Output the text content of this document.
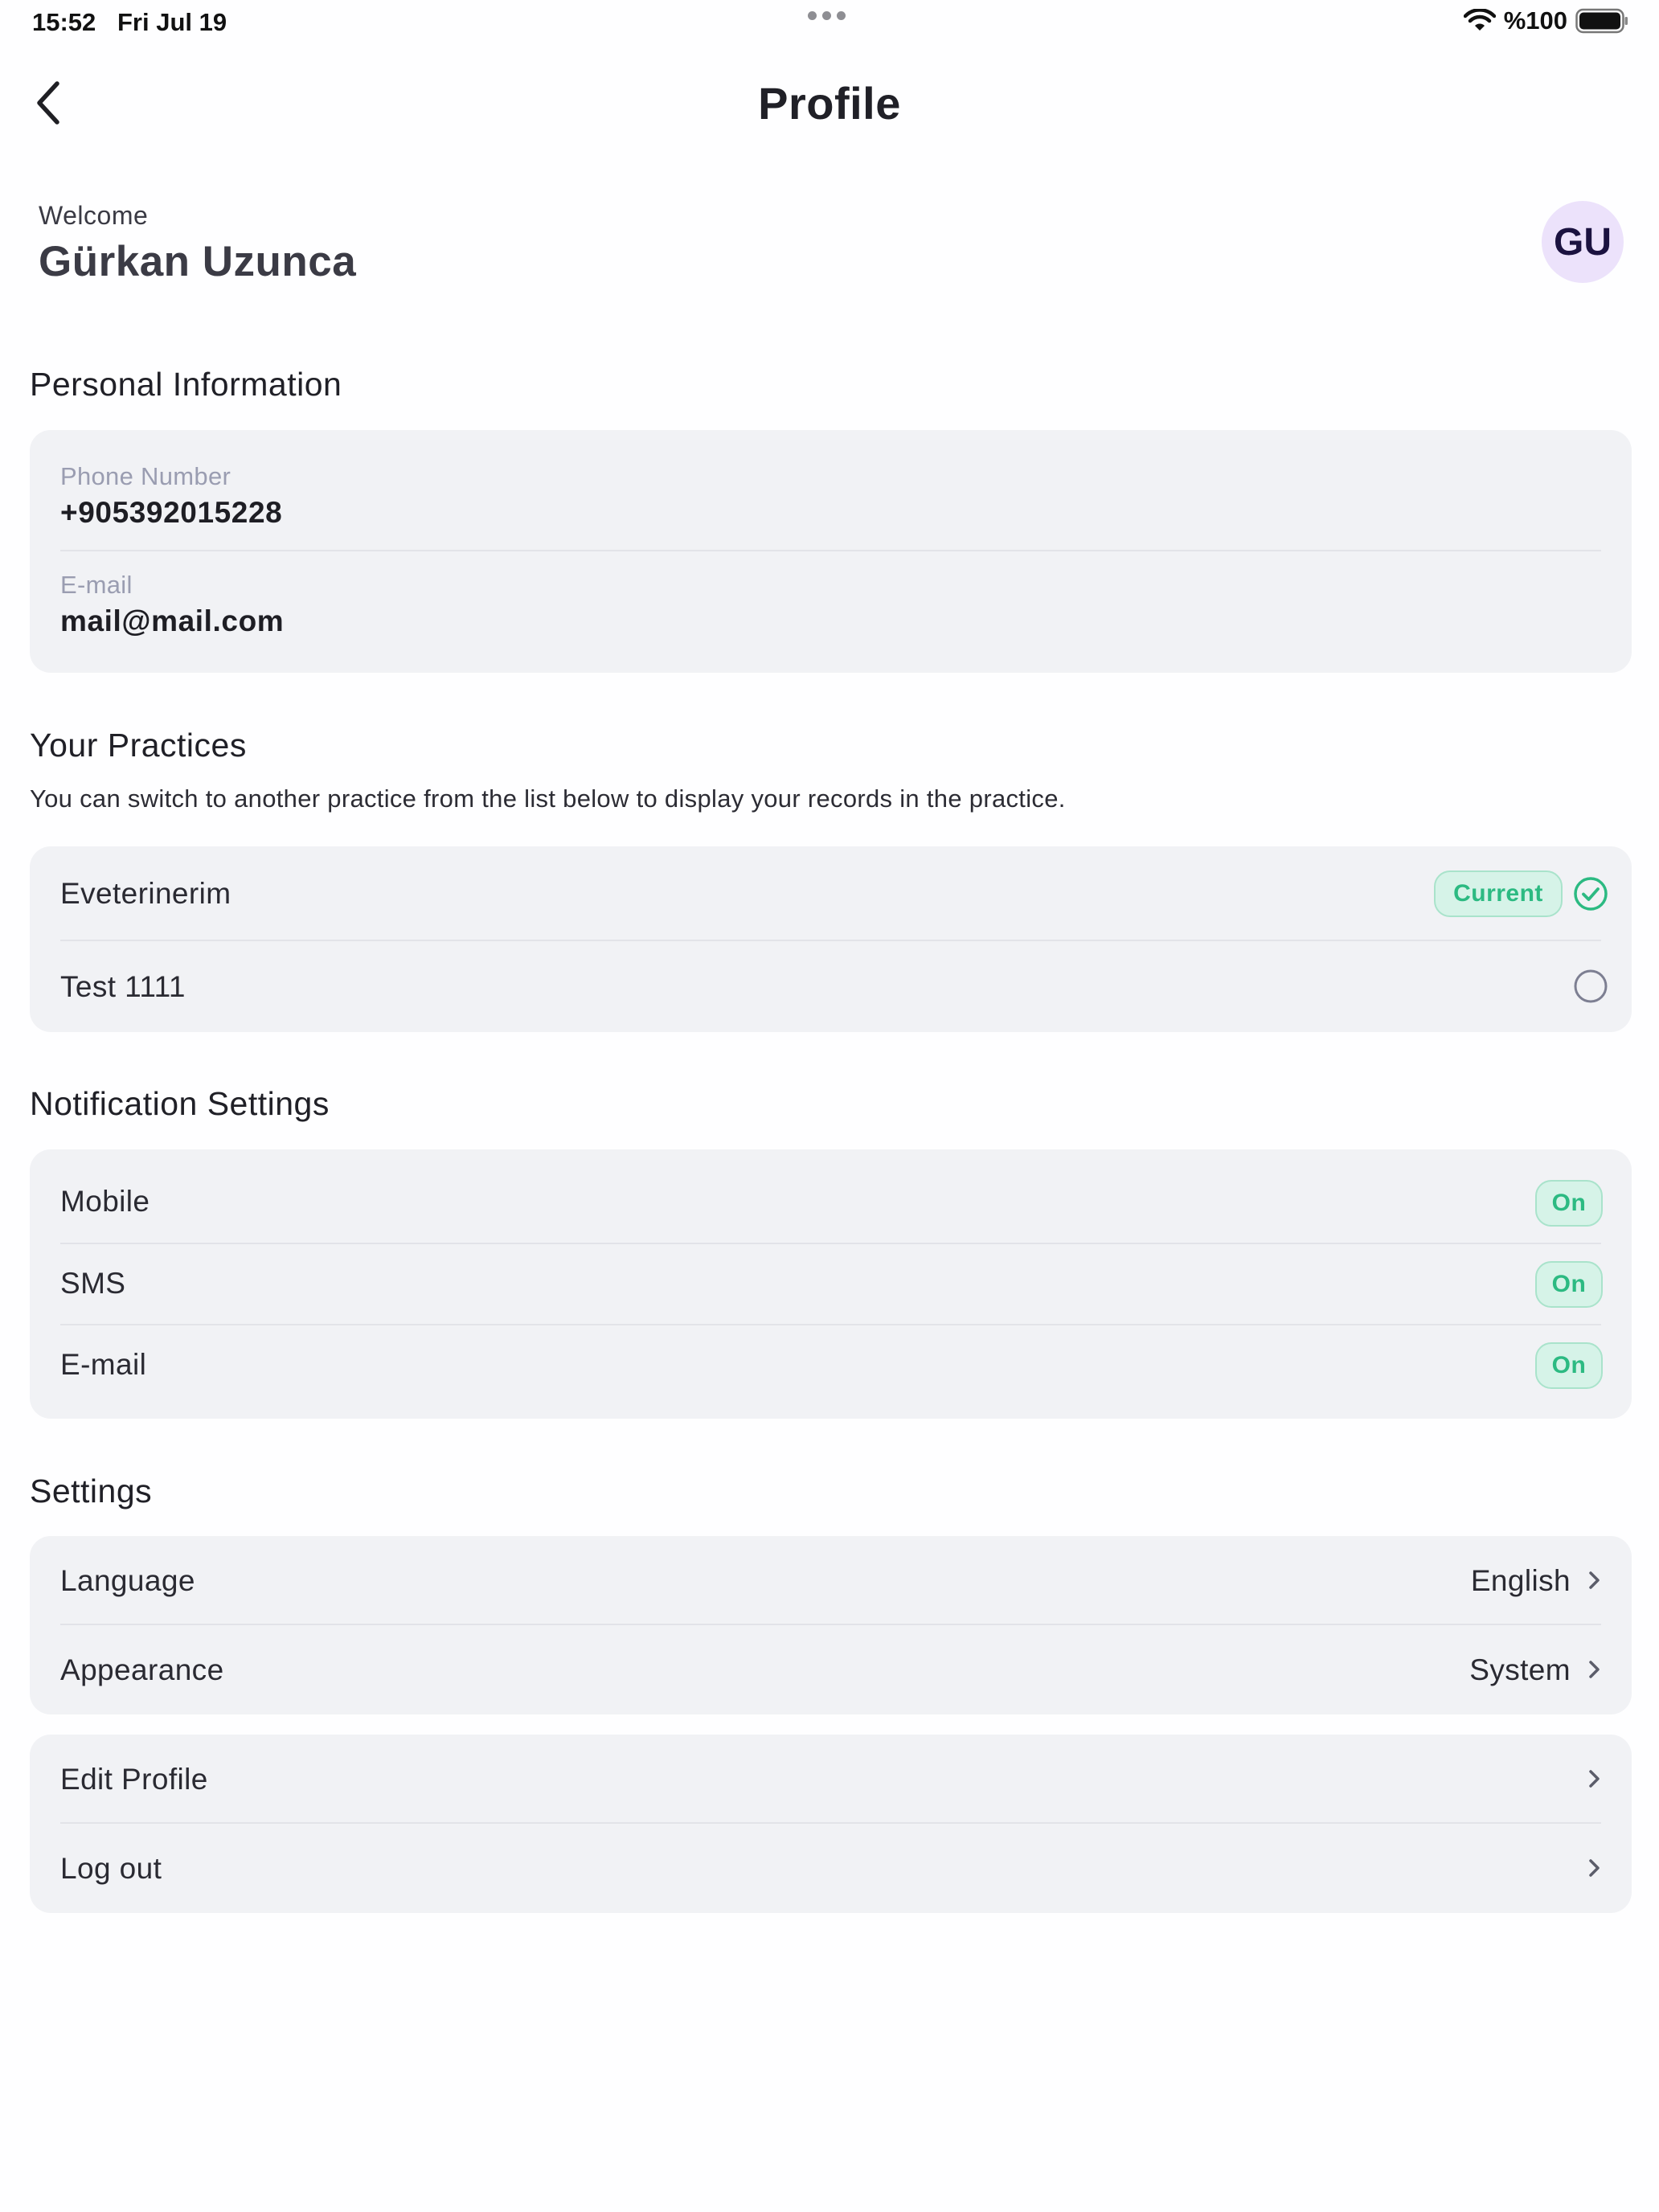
15:52 Fri Jul 19	%100
Profile
Welcome
Gürkan Uzunca	GU
Personal Information
Phone Number
+905392015228
E-mail
mail@mail.com
Your Practices
You can switch to another practice from the list below to display your records in the practice.
Eveterinerim	Current
Test 1111
Notification Settings
Mobile	On
SMS	On
E-mail	On
Settings
Language	English
Appearance	System
Edit Profile
Log out
